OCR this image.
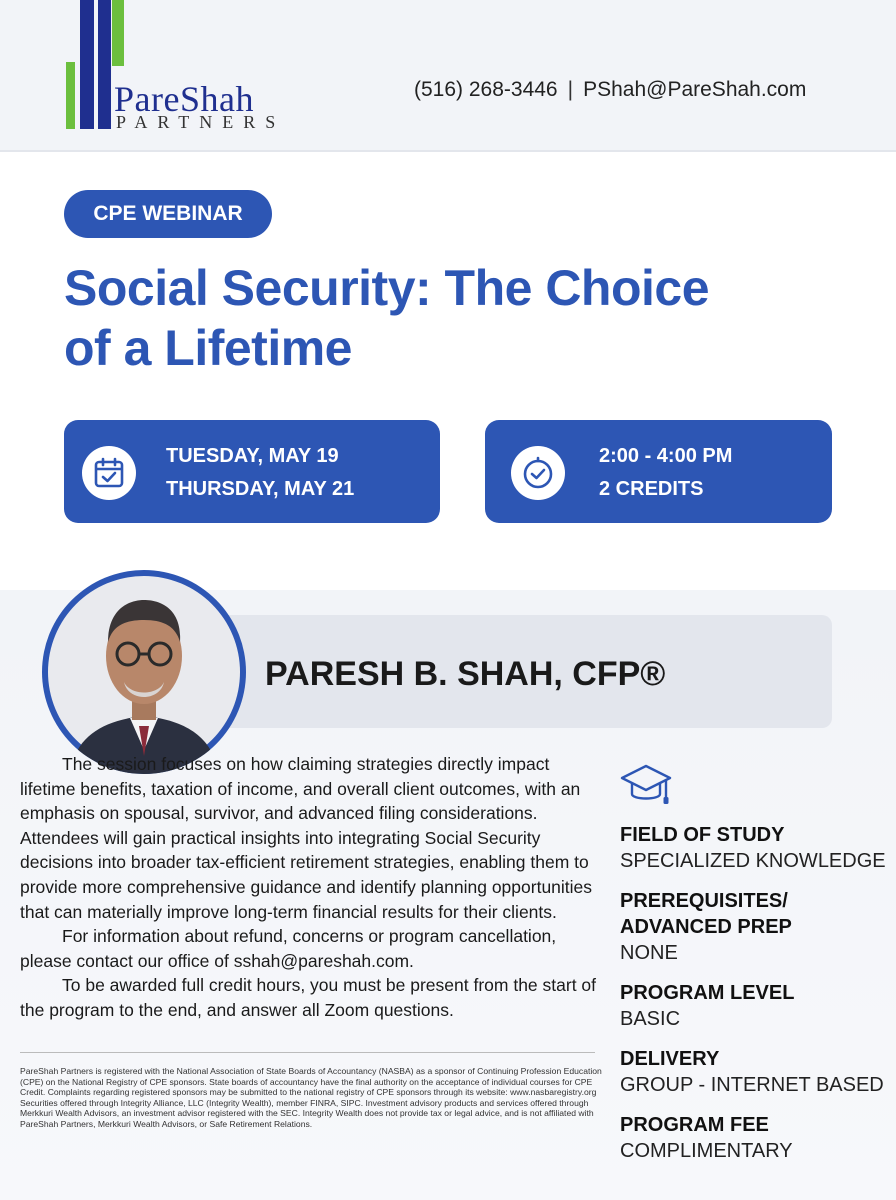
PareShah
PARTNERS
(516) 268-3446 | PShah@PareShah.com
CPE WEBINAR
Social Security: The Choice of a Lifetime
TUESDAY, MAY 19
THURSDAY, MAY 21
2:00 - 4:00 PM
2 CREDITS
PARESH B. SHAH, CFP®

The session focuses on how claiming strategies directly impact lifetime benefits, taxation of income, and overall client outcomes, with an emphasis on spousal, survivor, and advanced filing considerations. Attendees will gain practical insights into integrating Social Security decisions into broader tax-efficient retirement strategies, enabling them to provide more comprehensive guidance and identify planning opportunities that can materially improve long-term financial results for their clients.

For information about refund, concerns or program cancellation, please contact our office of sshah@pareshah.com.

To be awarded full credit hours, you must be present from the start of the program to the end, and answer all Zoom questions.

PareShah Partners is registered with the National Association of State Boards of Accountancy (NASBA) as a sponsor of Continuing Profession Education (CPE) on the National Registry of CPE sponsors. State boards of accountancy have the final authority on the acceptance of individual courses for CPE Credit. Complaints regarding registered sponsors may be submitted to the national registry of CPE sponsors through its website: www.nasbaregistry.org
Securities offered through Integrity Alliance, LLC (Integrity Wealth), member FINRA, SIPC. Investment advisory products and services offered through Merkkuri Wealth Advisors, an investment advisor registered with the SEC. Integrity Wealth does not provide tax or legal advice, and is not affiliated with PareShah Partners, Merkkuri Wealth Advisors, or Safe Retirement Relations.
FIELD OF STUDY
SPECIALIZED KNOWLEDGE
PREREQUISITES/
ADVANCED PREP
NONE
PROGRAM LEVEL
BASIC
DELIVERY
GROUP - INTERNET BASED
PROGRAM FEE
COMPLIMENTARY
